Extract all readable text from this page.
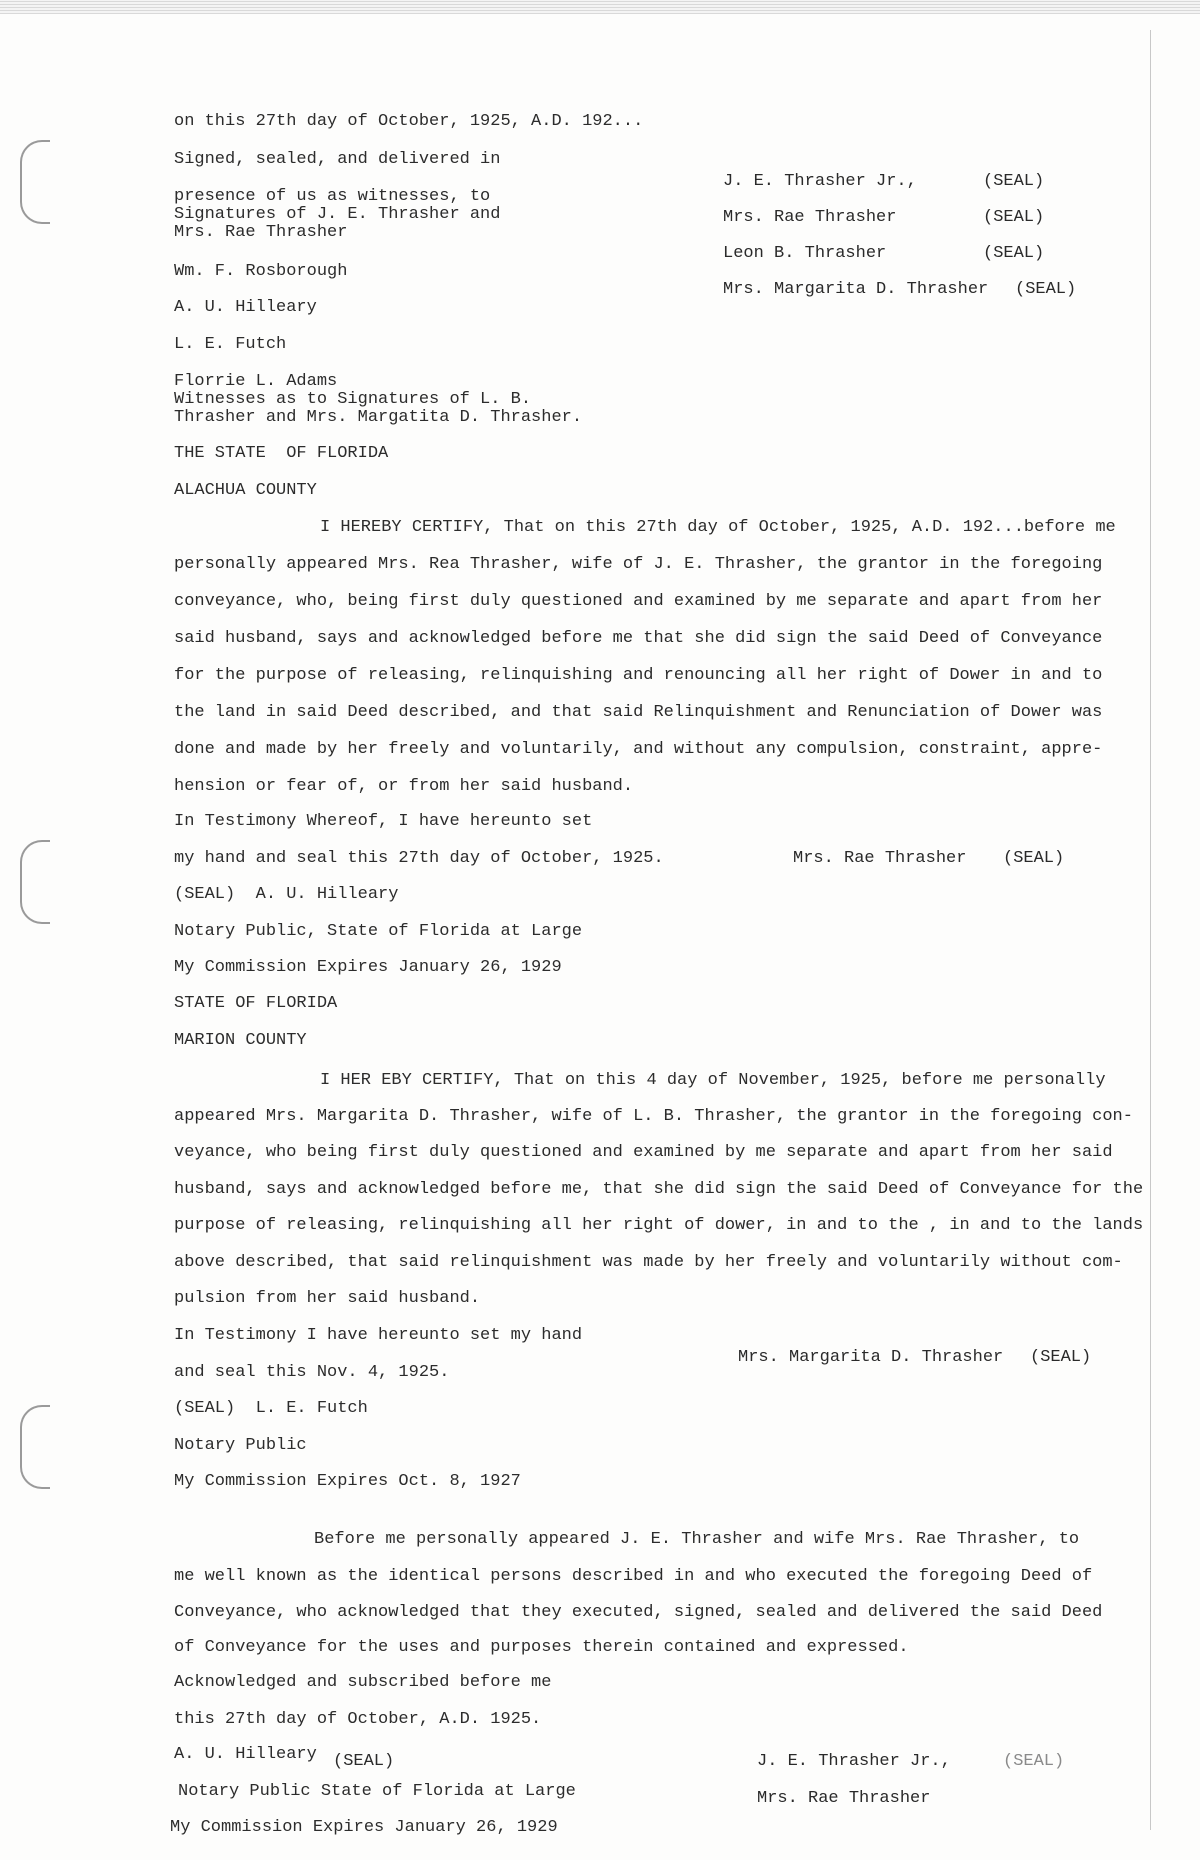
on this 27th day of October, 1925, A.D. 192...
Signed, sealed, and delivered in
presence of us as witnesses, to
Signatures of J. E. Thrasher and
Mrs. Rae Thrasher
Wm. F. Rosborough
A. U. Hilleary
L. E. Futch
Florrie L. Adams
Witnesses as to Signatures of L. B.
Thrasher and Mrs. Margatita D. Thrasher.
J. E. Thrasher Jr.,	(SEAL)
Mrs. Rae Thrasher	(SEAL)
Leon B. Thrasher	(SEAL)
Mrs. Margarita D. Thrasher (SEAL)
THE STATE  OF FLORIDA
ALACHUA COUNTY
I HEREBY CERTIFY, That on this 27th day of October, 1925, A.D. 192...before me
personally appeared Mrs. Rea Thrasher, wife of J. E. Thrasher, the grantor in the foregoing
conveyance, who, being first duly questioned and examined by me separate and apart from her
said husband, says and acknowledged before me that she did sign the said Deed of Conveyance
for the purpose of releasing, relinquishing and renouncing all her right of Dower in and to
the land in said Deed described, and that said Relinquishment and Renunciation of Dower was
done and made by her freely and voluntarily, and without any compulsion, constraint, appre-
hension or fear of, or from her said husband.
In Testimony Whereof, I have hereunto set
my hand and seal this 27th day of October, 1925.	Mrs. Rae Thrasher (SEAL)
(SEAL)  A. U. Hilleary
Notary Public, State of Florida at Large
My Commission Expires January 26, 1929
STATE OF FLORIDA
MARION COUNTY
I HER EBY CERTIFY, That on this 4 day of November, 1925, before me personally
appeared Mrs. Margarita D. Thrasher, wife of L. B. Thrasher, the grantor in the foregoing con-
veyance, who being first duly questioned and examined by me separate and apart from her said
husband, says and acknowledged before me, that she did sign the said Deed of Conveyance for the
purpose of releasing, relinquishing all her right of dower, in and to the , in and to the lands
above described, that said relinquishment was made by her freely and voluntarily without com-
pulsion from her said husband.
In Testimony I have hereunto set my hand
and seal this Nov. 4, 1925.
Mrs. Margarita D. Thrasher (SEAL)
(SEAL)  L. E. Futch
Notary Public
My Commission Expires Oct. 8, 1927
Before me personally appeared J. E. Thrasher and wife Mrs. Rae Thrasher, to
me well known as the identical persons described in and who executed the foregoing Deed of
Conveyance, who acknowledged that they executed, signed, sealed and delivered the said Deed
of Conveyance for the uses and purposes therein contained and expressed.
Acknowledged and subscribed before me
this 27th day of October, A.D. 1925.
A. U. Hilleary (SEAL)
Notary Public State of Florida at Large
My Commission Expires January 26, 1929
J. E. Thrasher Jr.,	(SEAL)
Mrs. Rae Thrasher
